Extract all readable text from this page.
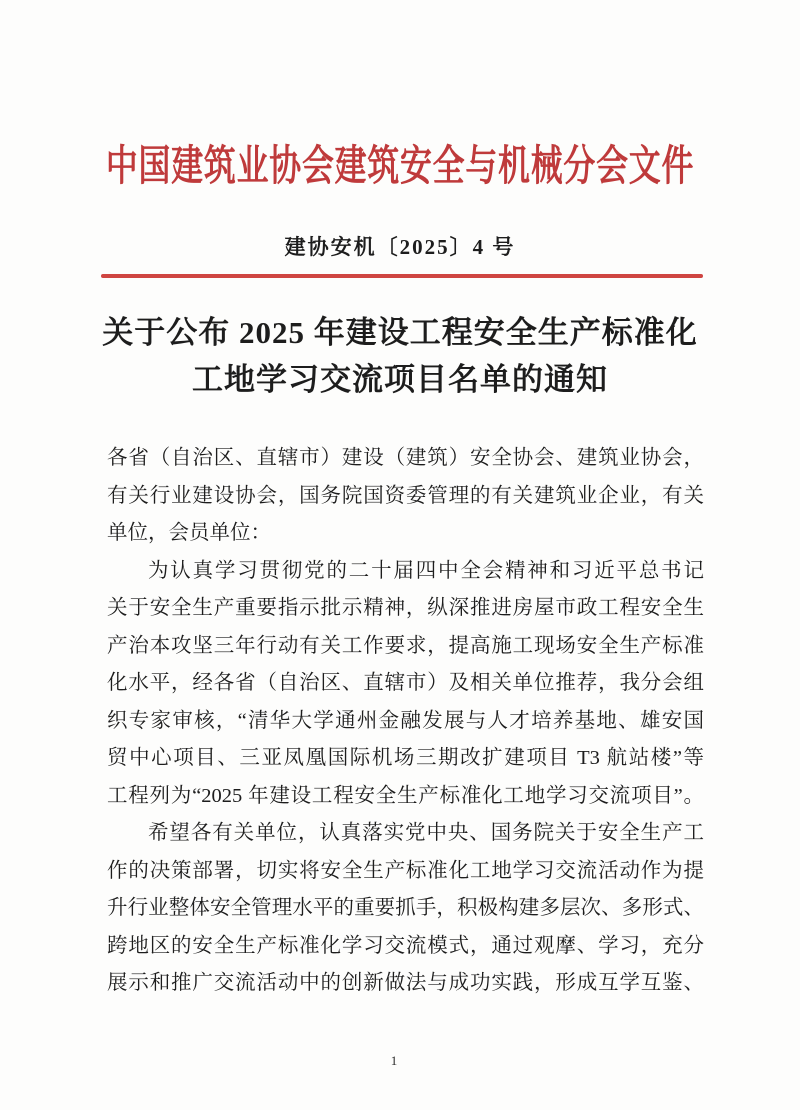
中国建筑业协会建筑安全与机械分会文件
建协安机〔2025〕4 号
关于公布 2025 年建设工程安全生产标准化
工地学习交流项目名单的通知
各省（自治区、直辖市）建设（建筑）安全协会、建筑业协会，
有关行业建设协会，国务院国资委管理的有关建筑业企业，有关
单位，会员单位：
为认真学习贯彻党的二十届四中全会精神和习近平总书记
关于安全生产重要指示批示精神，纵深推进房屋市政工程安全生
产治本攻坚三年行动有关工作要求，提高施工现场安全生产标准
化水平，经各省（自治区、直辖市）及相关单位推荐，我分会组
织专家审核，“清华大学通州金融发展与人才培养基地、雄安国
贸中心项目、三亚凤凰国际机场三期改扩建项目 T3 航站楼”等
工程列为“2025 年建设工程安全生产标准化工地学习交流项目”。
希望各有关单位，认真落实党中央、国务院关于安全生产工
作的决策部署，切实将安全生产标准化工地学习交流活动作为提
升行业整体安全管理水平的重要抓手，积极构建多层次、多形式、
跨地区的安全生产标准化学习交流模式，通过观摩、学习，充分
展示和推广交流活动中的创新做法与成功实践，形成互学互鉴、
1
